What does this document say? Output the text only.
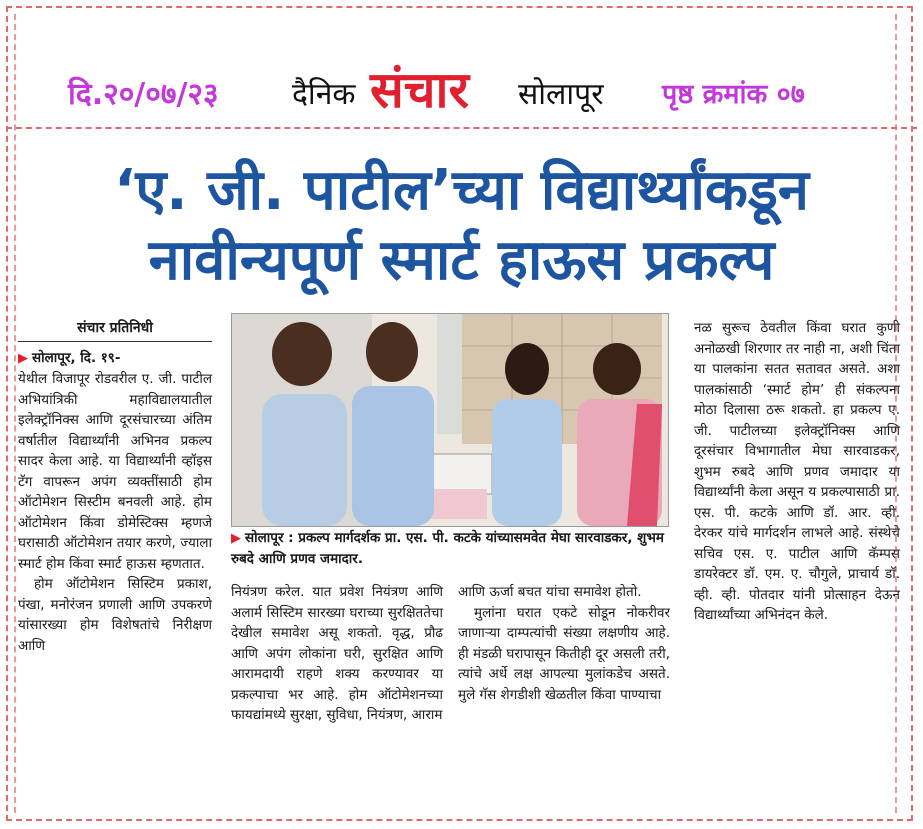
दि.२०/०७/२३ दैनिक संचार सोलापूर पृष्ठ क्रमांक ०७
‘ए. जी. पाटील’च्या विद्यार्थ्यांकडून
नावीन्यपूर्ण स्मार्ट हाऊस प्रकल्प
संचार प्रतिनिधी

▶ सोलापूर, दि. १९-

येथील विजापूर रोडवरील ए. जी. पाटील अभियांत्रिकी महाविद्यालयातील इलेक्ट्रॉनिक्स आणि दूरसंचारच्या अंतिम वर्षातील विद्यार्थ्यांनी अभिनव प्रकल्प सादर केला आहे. या विद्यार्थ्यांनी व्हॉइस टॅग वापरून अपंग व्यक्तींसाठी होम ऑटोमेशन सिस्टीम बनवली आहे. होम ऑटोमेशन किंवा डोमेस्टिक्स म्हणजे घरासाठी ऑटोमेशन तयार करणे, ज्याला स्मार्ट होम किंवा स्मार्ट हाऊस म्हणतात.

होम ऑटोमेशन सिस्टिम प्रकाश, पंखा, मनोरंजन प्रणाली आणि उपकरणे यांसारख्या होम विशेषतांचे निरीक्षण आणि

▶ सोलापूर : प्रकल्प मार्गदर्शक प्रा. एस. पी. कटके यांच्यासमवेत मेघा सारवाडकर, शुभम रुबदे आणि प्रणव जमादार.

नियंत्रण करेल. यात प्रवेश नियंत्रण आणि अलार्म सिस्टिम सारख्या घराच्या सुरक्षिततेचा देखील समावेश असू शकतो. वृद्ध, प्रौढ आणि अपंग लोकांना घरी, सुरक्षित आणि आरामदायी राहणे शक्य करण्यावर या प्रकल्पाचा भर आहे. होम ऑटोमेशनच्या फायद्यांमध्ये सुरक्षा, सुविधा, नियंत्रण, आराम

आणि ऊर्जा बचत यांचा समावेश होतो.

मुलांना घरात एकटे सोडून नोकरीवर जाणाऱ्या दाम्पत्यांची संख्या लक्षणीय आहे. ही मंडळी घरापासून कितीही दूर असली तरी, त्यांचे अर्धे लक्ष आपल्या मुलांकडेच असते. मुले गॅस शेगडीशी खेळतील किंवा पाण्याचा

नळ सुरूच ठेवतील किंवा घरात कुणी अनोळखी शिरणार तर नाही ना, अशी चिंता या पालकांना सतत सतावत असते. अशा पालकांसाठी ‘स्मार्ट होम’ ही संकल्पना मोठा दिलासा ठरू शकतो. हा प्रकल्प ए. जी. पाटीलच्या इलेक्ट्रॉनिक्स आणि दूरसंचार विभागातील मेघा सारवाडकर, शुभम रुबदे आणि प्रणव जमादार या विद्यार्थ्यांनी केला असून य प्रकल्पासाठी प्रा. एस. पी. कटके आणि डॉ. आर. व्ही. देरकर यांचे मार्गदर्शन लाभले आहे. संस्थेचे सचिव एस. ए. पाटील आणि कॅम्पस डायरेक्टर डॉ. एम. ए. चौगुले, प्राचार्य डॉ. व्ही. व्ही. पोतदार यांनी प्रोत्साहन देऊन विद्यार्थ्यांच्या अभिनंदन केले.
